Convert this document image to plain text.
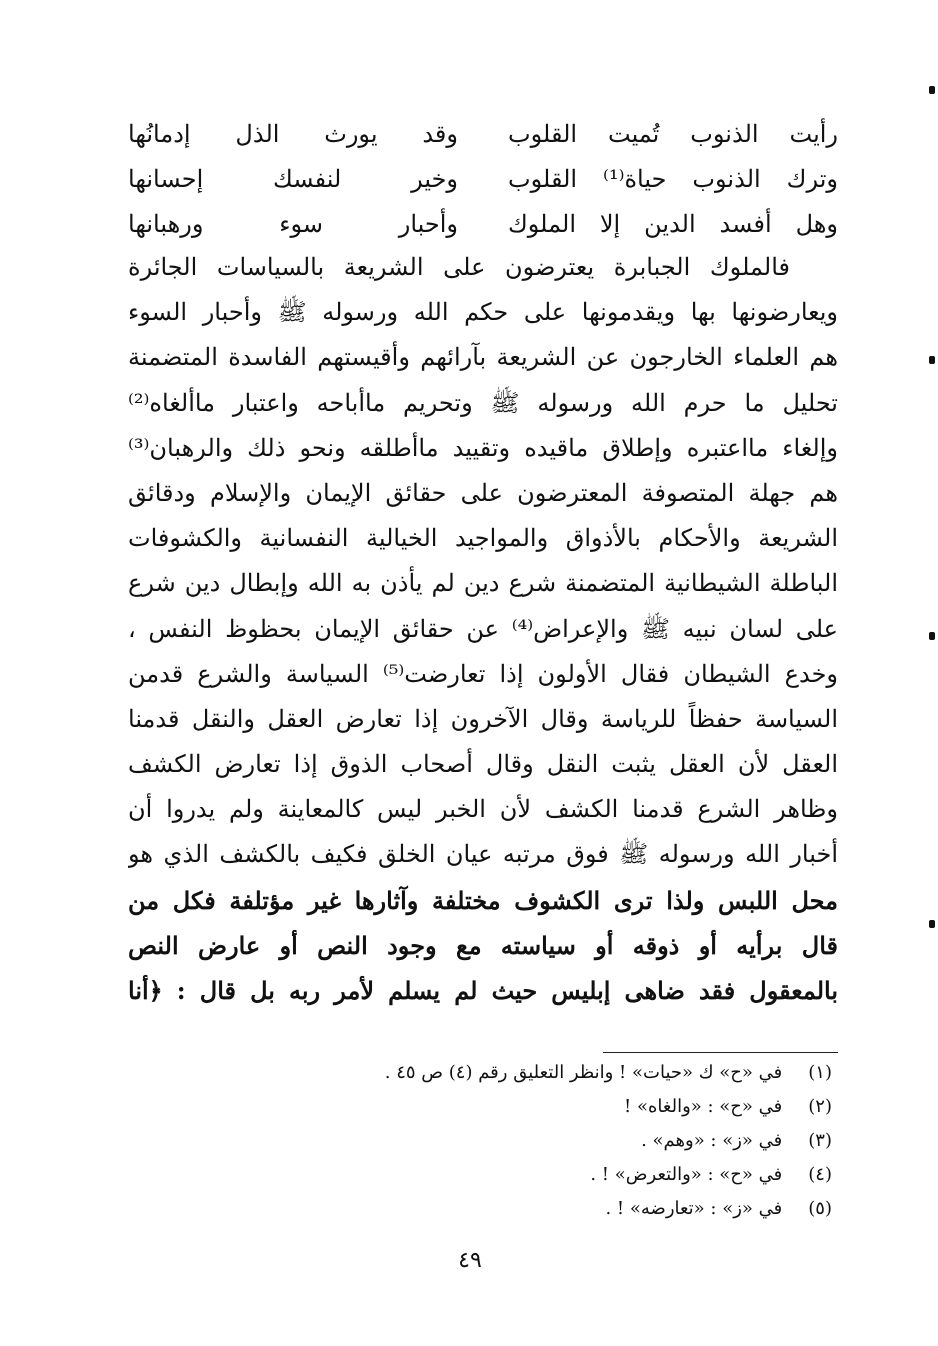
رأيت الذنوب تُميت القلوب
وقد يورث الذل إدمانُها
وترك الذنوب حياة⁽¹⁾ القلوب
وخير لنفسك إحسانها
وهل أفسد الدين إلا الملوك
وأحبار سوء ورهبانها
فالملوك الجبابرة يعترضون على الشريعة بالسياسات الجائرة
ويعارضونها بها ويقدمونها على حكم الله ورسوله ﷺ وأحبار السوء
هم العلماء الخارجون عن الشريعة بآرائهم وأقيستهم الفاسدة المتضمنة
تحليل ما حرم الله ورسوله ﷺ وتحريم ماأباحه واعتبار ماألغاه⁽²⁾
وإلغاء مااعتبره وإطلاق ماقيده وتقييد ماأطلقه ونحو ذلك والرهبان⁽³⁾
هم جهلة المتصوفة المعترضون على حقائق الإيمان والإسلام ودقائق
الشريعة والأحكام بالأذواق والمواجيد الخيالية النفسانية والكشوفات
الباطلة الشيطانية المتضمنة شرع دين لم يأذن به الله وإبطال دين شرع
على لسان نبيه ﷺ والإعراض⁽⁴⁾ عن حقائق الإيمان بحظوظ النفس ،
وخدع الشيطان فقال الأولون إذا تعارضت⁽⁵⁾ السياسة والشرع قدمن
السياسة حفظاً للرياسة وقال الآخرون إذا تعارض العقل والنقل قدمنا
العقل لأن العقل يثبت النقل وقال أصحاب الذوق إذا تعارض الكشف
وظاهر الشرع قدمنا الكشف لأن الخبر ليس كالمعاينة ولم يدروا أن
أخبار الله ورسوله ﷺ فوق مرتبه عيان الخلق فكيف بالكشف الذي هو
محل اللبس ولذا ترى الكشوف مختلفة وآثارها غير مؤتلفة فكل من
قال برأيه أو ذوقه أو سياسته مع وجود النص أو عارض النص
بالمعقول فقد ضاهى إبليس حيث لم يسلم لأمر ربه بل قال : ﴿أنا
(١) في «ح» ك «حيات» ! وانظر التعليق رقم (٤) ص ٤٥ .
(٢) في «ح» : «والغاه» !
(٣) في «ز» : «وهم» .
(٤) في «ح» : «والتعرض» ! .
(٥) في «ز» : «تعارضه» ! .
٤٩
